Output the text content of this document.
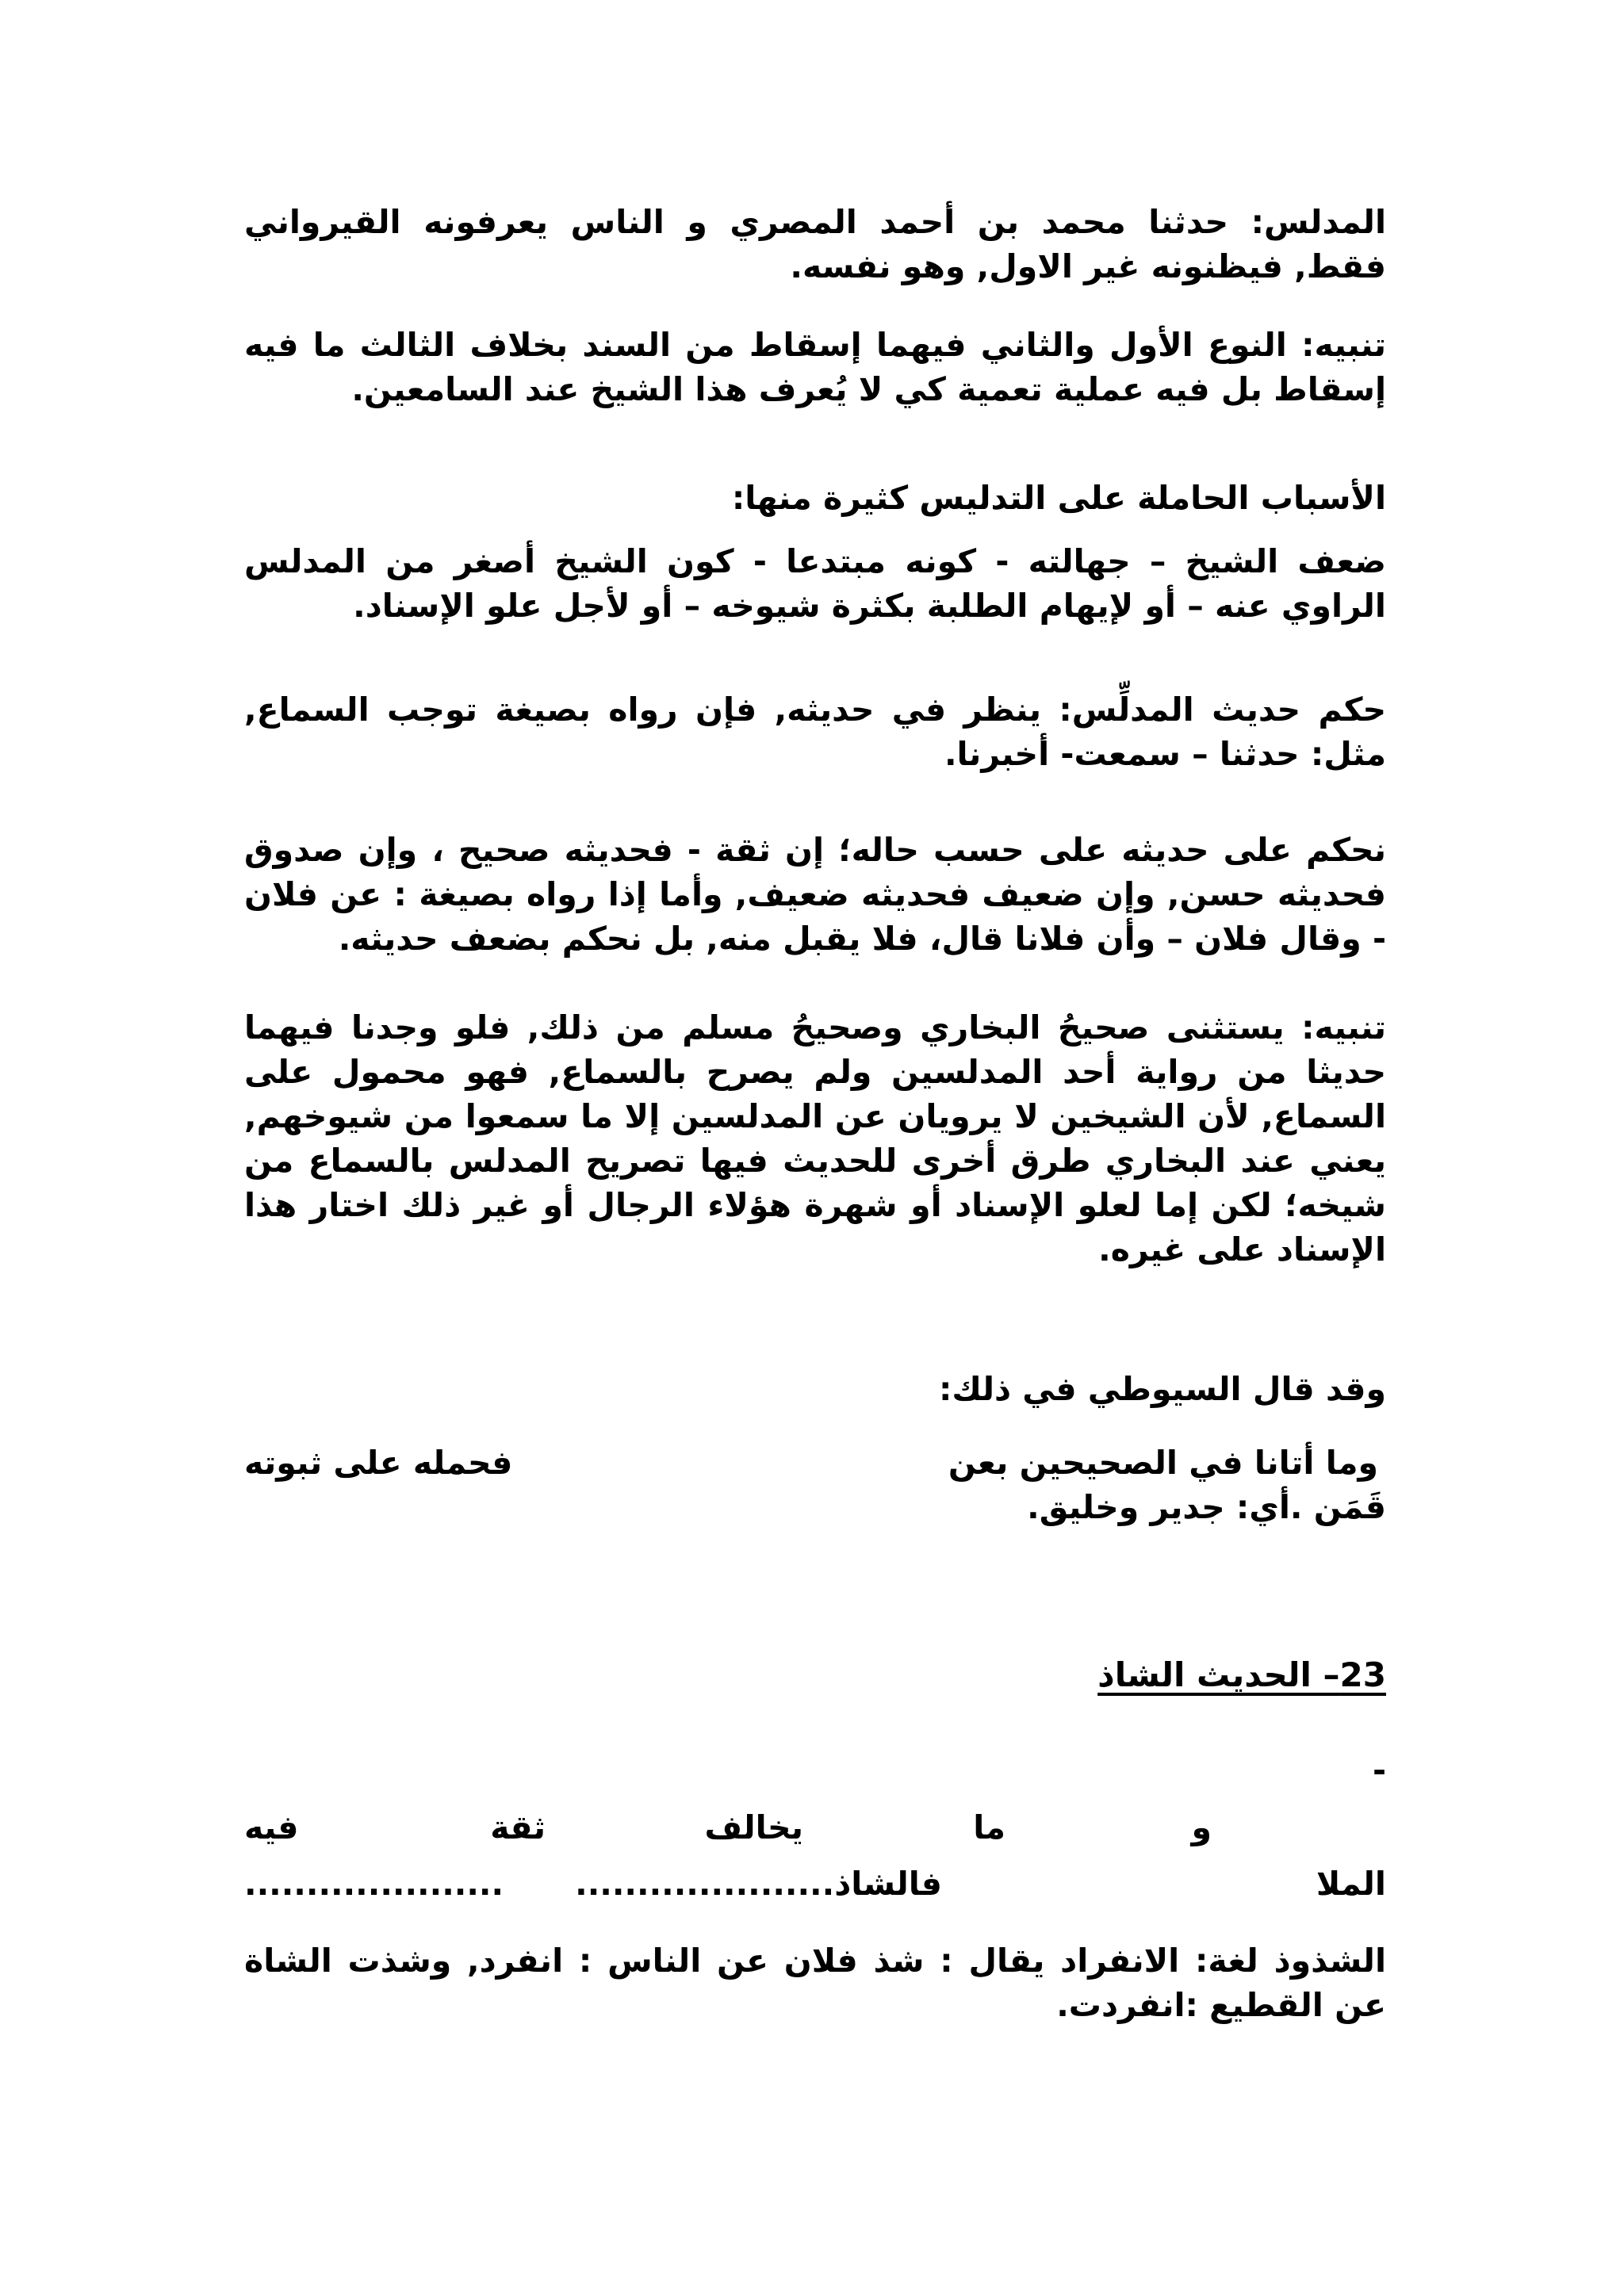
المدلس: حدثنا محمد بن أحمد المصري و الناس يعرفونه القيرواني فقط, فيظنونه غير الاول, وهو نفسه.

تنبيه: النوع الأول والثاني فيهما إسقاط من السند بخلاف الثالث ما فيه إسقاط بل فيه عملية تعمية كي لا يُعرف هذا الشيخ عند السامعين.

الأسباب الحاملة على التدليس كثيرة منها:

ضعف الشيخ – جهالته - كونه مبتدعا - كون الشيخ أصغر من المدلس الراوي عنه – أو لإيهام الطلبة بكثرة شيوخه – أو لأجل علو الإسناد.

حكم حديث المدلِّس: ينظر في حديثه, فإن رواه بصيغة توجب السماع, مثل: حدثنا – سمعت- أخبرنا.

نحكم على حديثه على حسب حاله؛ إن ثقة - فحديثه صحيح ، وإن صدوق فحديثه حسن, وإن ضعيف فحديثه ضعيف, وأما إذا رواه بصيغة : عن فلان - وقال فلان – وأن فلانا قال، فلا يقبل منه, بل نحكم بضعف حديثه.

تنبيه: يستثنى صحيحُ البخاري وصحيحُ مسلم من ذلك, فلو وجدنا فيهما حديثا من رواية أحد المدلسين ولم يصرح بالسماع, فهو محمول على السماع, لأن الشيخين لا يرويان عن المدلسين إلا ما سمعوا من شيوخهم, يعني عند البخاري طرق أخرى للحديث فيها تصريح المدلس بالسماع من شيخه؛ لكن إما لعلو الإسناد أو شهرة هؤلاء الرجال أو غير ذلك اختار هذا الإسناد على غيره.

وقد قال السيوطي في ذلك:

وما أتانا في الصحيحين بعن
فحمله على ثبوته
قَمَن .أي: جدير وخليق.
23– الحديث الشاذ
-
و
ما
يخالف
ثقة
فيه
الملا
فالشاذ.....................
.....................

الشذوذ لغة: الانفراد يقال : شذ فلان عن الناس : انفرد, وشذت الشاة عن القطيع :انفردت.
